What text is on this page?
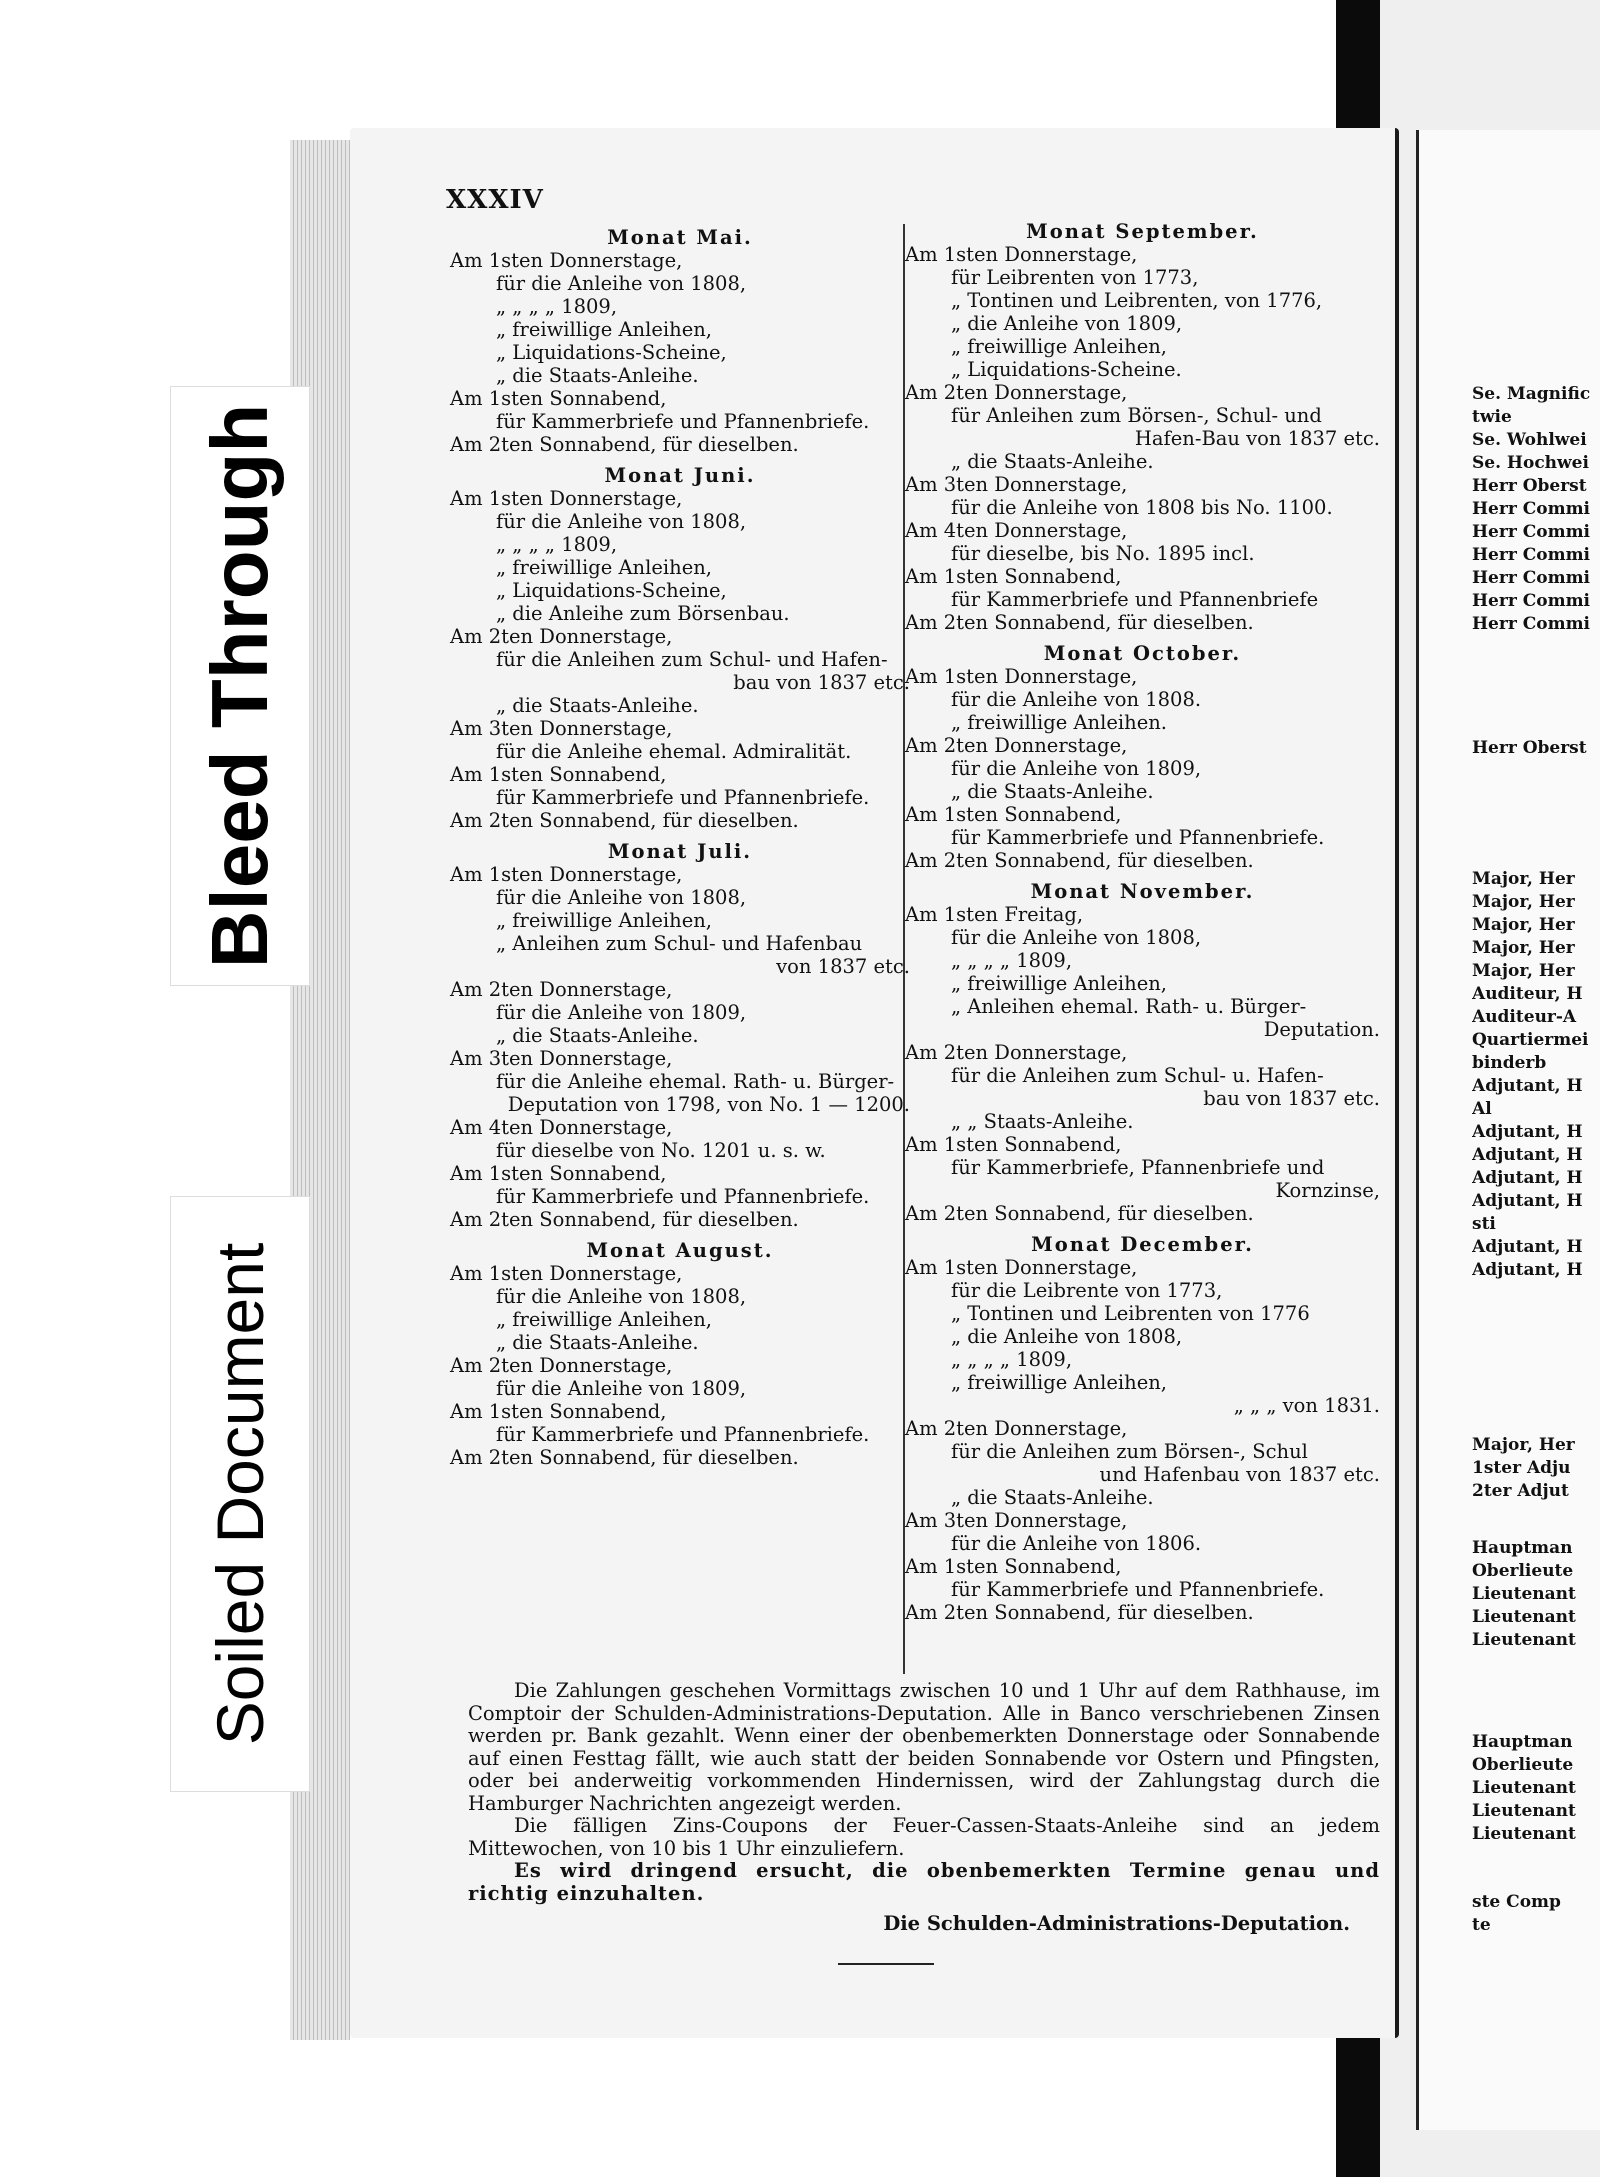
Bleed Through
Soiled Document
XXXIV

Monat Mai.

Am 1sten Donnerstage,

für die Anleihe von 1808,

„ „ „ „ 1809,

„ freiwillige Anleihen,

„ Liquidations-Scheine,

„ die Staats-Anleihe.

Am 1sten Sonnabend,

für Kammerbriefe und Pfannenbriefe.

Am 2ten Sonnabend, für dieselben.

Monat Juni.

Am 1sten Donnerstage,

für die Anleihe von 1808,

„ „ „ „ 1809,

„ freiwillige Anleihen,

„ Liquidations-Scheine,

„ die Anleihe zum Börsenbau.

Am 2ten Donnerstage,

für die Anleihen zum Schul- und Hafen-

bau von 1837 etc.

„ die Staats-Anleihe.

Am 3ten Donnerstage,

für die Anleihe ehemal. Admiralität.

Am 1sten Sonnabend,

für Kammerbriefe und Pfannenbriefe.

Am 2ten Sonnabend, für dieselben.

Monat Juli.

Am 1sten Donnerstage,

für die Anleihe von 1808,

„ freiwillige Anleihen,

„ Anleihen zum Schul- und Hafenbau

von 1837 etc.

Am 2ten Donnerstage,

für die Anleihe von 1809,

„ die Staats-Anleihe.

Am 3ten Donnerstage,

für die Anleihe ehemal. Rath- u. Bürger-

Deputation von 1798, von No. 1 — 1200.

Am 4ten Donnerstage,

für dieselbe von No. 1201 u. s. w.

Am 1sten Sonnabend,

für Kammerbriefe und Pfannenbriefe.

Am 2ten Sonnabend, für dieselben.

Monat August.

Am 1sten Donnerstage,

für die Anleihe von 1808,

„ freiwillige Anleihen,

„ die Staats-Anleihe.

Am 2ten Donnerstage,

für die Anleihe von 1809,

Am 1sten Sonnabend,

für Kammerbriefe und Pfannenbriefe.

Am 2ten Sonnabend, für dieselben.

Monat September.

Am 1sten Donnerstage,

für Leibrenten von 1773,

„ Tontinen und Leibrenten, von 1776,

„ die Anleihe von 1809,

„ freiwillige Anleihen,

„ Liquidations-Scheine.

Am 2ten Donnerstage,

für Anleihen zum Börsen-, Schul- und

Hafen-Bau von 1837 etc.

„ die Staats-Anleihe.

Am 3ten Donnerstage,

für die Anleihe von 1808 bis No. 1100.

Am 4ten Donnerstage,

für dieselbe, bis No. 1895 incl.

Am 1sten Sonnabend,

für Kammerbriefe und Pfannenbriefe

Am 2ten Sonnabend, für dieselben.

Monat October.

Am 1sten Donnerstage,

für die Anleihe von 1808.

„ freiwillige Anleihen.

Am 2ten Donnerstage,

für die Anleihe von 1809,

„ die Staats-Anleihe.

Am 1sten Sonnabend,

für Kammerbriefe und Pfannenbriefe.

Am 2ten Sonnabend, für dieselben.

Monat November.

Am 1sten Freitag,

für die Anleihe von 1808,

„ „ „ „ 1809,

„ freiwillige Anleihen,

„ Anleihen ehemal. Rath- u. Bürger-

Deputation.

Am 2ten Donnerstage,

für die Anleihen zum Schul- u. Hafen-

bau von 1837 etc.

„ „ Staats-Anleihe.

Am 1sten Sonnabend,

für Kammerbriefe, Pfannenbriefe und

Kornzinse,

Am 2ten Sonnabend, für dieselben.

Monat December.

Am 1sten Donnerstage,

für die Leibrente von 1773,

„ Tontinen und Leibrenten von 1776

„ die Anleihe von 1808,

„ „ „ „ 1809,

„ freiwillige Anleihen,

„ „ „ von 1831.

Am 2ten Donnerstage,

für die Anleihen zum Börsen-, Schul

und Hafenbau von 1837 etc.

„ die Staats-Anleihe.

Am 3ten Donnerstage,

für die Anleihe von 1806.

Am 1sten Sonnabend,

für Kammerbriefe und Pfannenbriefe.

Am 2ten Sonnabend, für dieselben.

Die Zahlungen geschehen Vormittags zwischen 10 und 1 Uhr auf dem Rathhause, im Comptoir der Schulden-Administrations-Deputation. Alle in Banco verschriebenen Zinsen werden pr. Bank gezahlt. Wenn einer der obenbemerkten Donnerstage oder Sonnabende auf einen Festtag fällt, wie auch statt der beiden Sonnabende vor Ostern und Pfingsten, oder bei anderweitig vorkommenden Hindernissen, wird der Zahlungstag durch die Hamburger Nachrichten angezeigt werden.

Die fälligen Zins-Coupons der Feuer-Cassen-Staats-Anleihe sind an jedem Mittewochen, von 10 bis 1 Uhr einzuliefern.

Es wird dringend ersucht, die obenbemerkten Termine genau und richtig einzuhalten.

Die Schulden-Administrations-Deputation.

Se. Magnific
twie
Se. Wohlwei
Se. Hochwei
Herr Oberst
Herr Commi
Herr Commi
Herr Commi
Herr Commi
Herr Commi
Herr Commi
Herr Oberst
Major, Her
Major, Her
Major, Her
Major, Her
Major, Her
Auditeur, H
Auditeur-A
Quartiermei
binderb
Adjutant, H
Al
Adjutant, H
Adjutant, H
Adjutant, H
Adjutant, H
sti
Adjutant, H
Adjutant, H
Major, Her
1ster Adju
2ter Adjut
Hauptman
Oberlieute
Lieutenant
Lieutenant
Lieutenant
Hauptman
Oberlieute
Lieutenant
Lieutenant
Lieutenant
ste Comp
te
